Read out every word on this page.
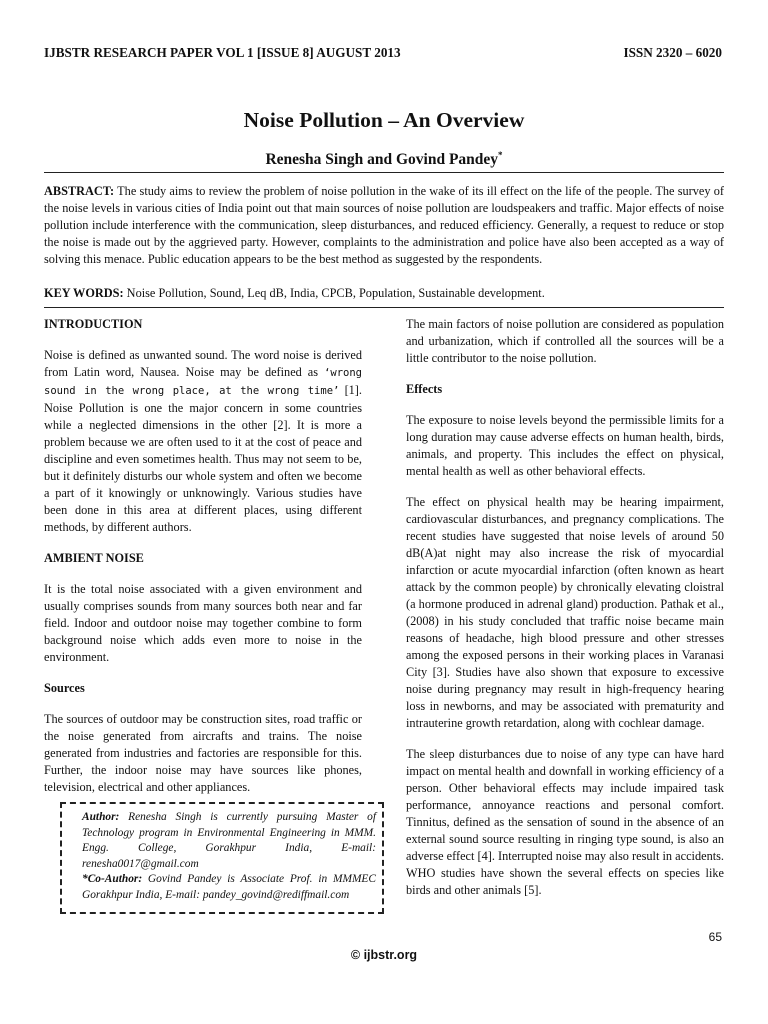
IJBSTR RESEARCH PAPER VOL 1 [ISSUE 8] AUGUST 2013	ISSN 2320 – 6020
Noise Pollution – An Overview
Renesha Singh and Govind Pandey*
ABSTRACT: The study aims to review the problem of noise pollution in the wake of its ill effect on the life of the people. The survey of the noise levels in various cities of India point out that main sources of noise pollution are loudspeakers and traffic. Major effects of noise pollution include interference with the communication, sleep disturbances, and reduced efficiency. Generally, a request to reduce or stop the noise is made out by the aggrieved party. However, complaints to the administration and police have also been accepted as a way of solving this menace. Public education appears to be the best method as suggested by the respondents.
KEY WORDS: Noise Pollution, Sound, Leq dB, India, CPCB, Population, Sustainable development.
INTRODUCTION

Noise is defined as unwanted sound. The word noise is derived from Latin word, Nausea. Noise may be defined as ‘wrong sound in the wrong place, at the wrong time’ [1]. Noise Pollution is one the major concern in some countries while a neglected dimensions in the other [2]. It is more a problem because we are often used to it at the cost of peace and discipline and even sometimes health. Thus may not seem to be, but it definitely disturbs our whole system and often we become a part of it knowingly or unknowingly. Various studies have been done in this area at different places, using different methods, by different authors.

AMBIENT NOISE

It is the total noise associated with a given environment and usually comprises sounds from many sources both near and far field. Indoor and outdoor noise may together combine to form background noise which adds even more to noise in the environment.

Sources

The sources of outdoor may be construction sites, road traffic or the noise generated from aircrafts and trains. The noise generated from industries and factories are responsible for this. Further, the indoor noise may have sources like phones, television, electrical and other appliances.

Author: Renesha Singh is currently pursuing Master of Technology program in Environmental Engineering in MMM. Engg. College, Gorakhpur India, E-mail: renesha0017@gmail.com
*Co-Author: Govind Pandey is Associate Prof. in MMMEC Gorakhpur India, E-mail: pandey_govind@rediffmail.com

The main factors of noise pollution are considered as population and urbanization, which if controlled all the sources will be a little contributor to the noise pollution.

Effects

The exposure to noise levels beyond the permissible limits for a long duration may cause adverse effects on human health, birds, animals, and property. This includes the effect on physical, mental health as well as other behavioral effects.

The effect on physical health may be hearing impairment, cardiovascular disturbances, and pregnancy complications. The recent studies have suggested that noise levels of around 50 dB(A)at night may also increase the risk of myocardial infarction or acute myocardial infarction (often known as heart attack by the common people) by chronically elevating cloistral (a hormone produced in adrenal gland) production. Pathak et al., (2008) in his study concluded that traffic noise became main reasons of headache, high blood pressure and other stresses among the exposed persons in their working places in Varanasi City [3]. Studies have also shown that exposure to excessive noise during pregnancy may result in high-frequency hearing loss in newborns, and may be associated with prematurity and intrauterine growth retardation, along with cochlear damage.

The sleep disturbances due to noise of any type can have hard impact on mental health and downfall in working efficiency of a person. Other behavioral effects may include impaired task performance, annoyance reactions and personal comfort. Tinnitus, defined as the sensation of sound in the absence of an external sound source resulting in ringing type sound, is also an adverse effect [4]. Interrupted noise may also result in accidents. WHO studies have shown the several effects on species like birds and other animals [5].

65
© ijbstr.org
